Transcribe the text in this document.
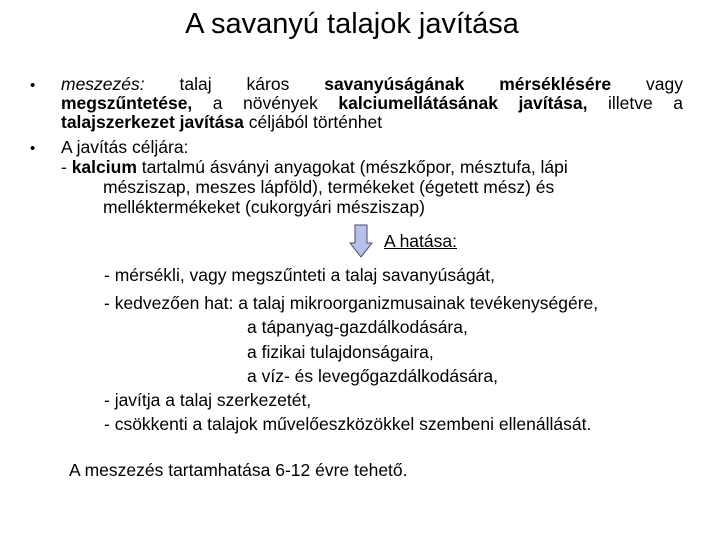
A savanyú talajok javítása
• meszezés: talaj káros savanyúságának mérséklésére vagy
megszűntetése, a növények kalciumellátásának javítása, illetve a
talajszerkezet javítása céljából történhet
• A javítás céljára:
- kalcium tartalmú ásványi anyagokat (mészkőpor, mésztufa, lápi
mésziszap, meszes lápföld), termékeket (égetett mész) és
melléktermékeket (cukorgyári mésziszap)
A hatása:
- mérsékli, vagy megszűnteti a talaj savanyúságát,
- kedvezően hat: a talaj mikroorganizmusainak tevékenységére,
a tápanyag-gazdálkodására,
a fizikai tulajdonságaira,
a víz- és levegőgazdálkodására,
- javítja a talaj szerkezetét,
- csökkenti a talajok művelőeszközökkel szembeni ellenállását.
A meszezés tartamhatása 6-12 évre tehető.
